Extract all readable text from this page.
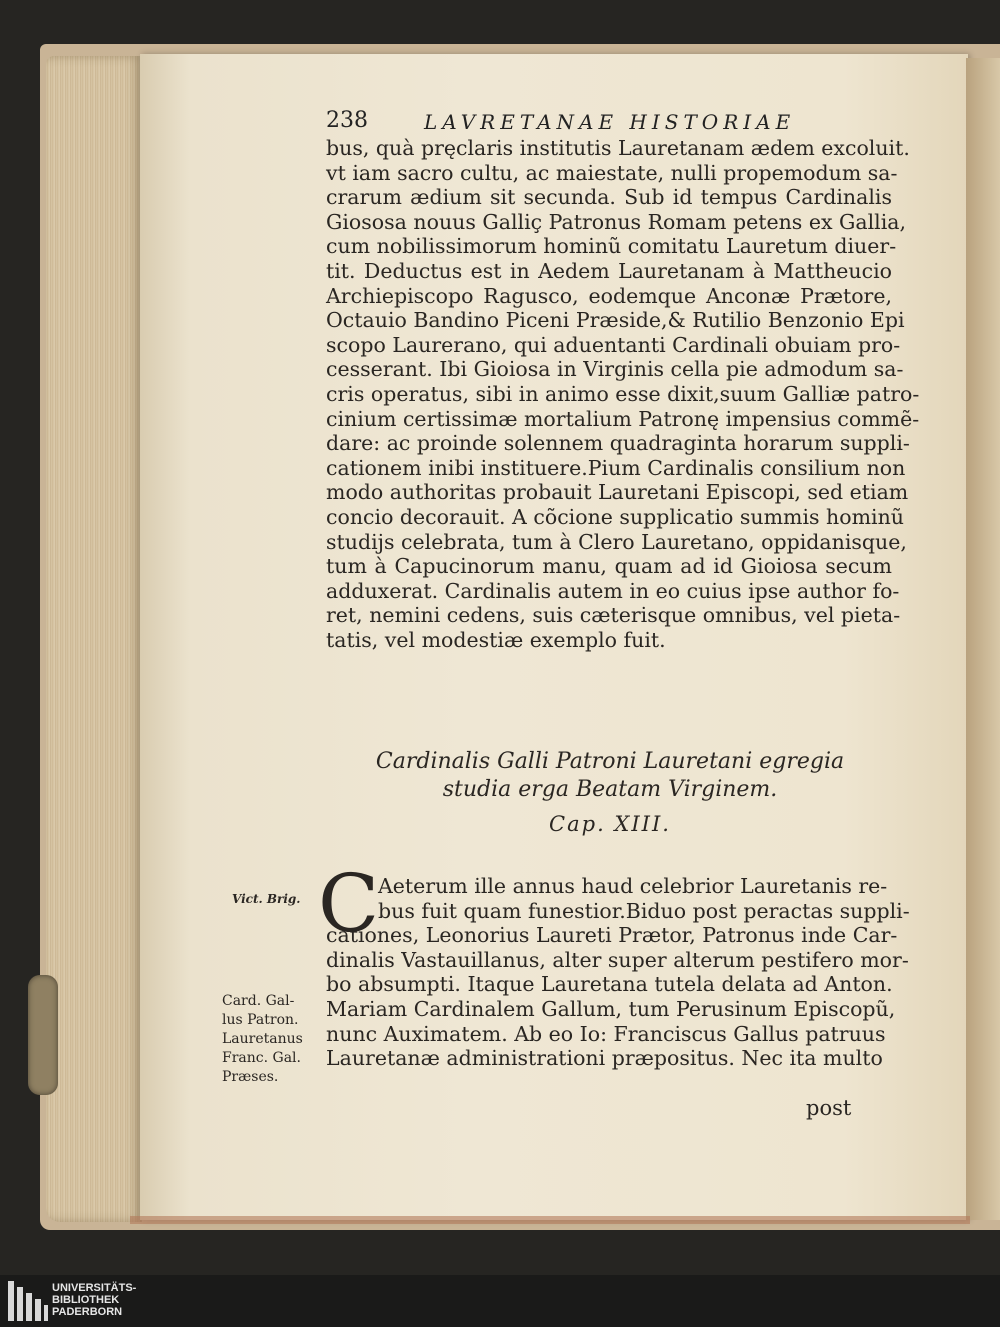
238	LAVRETANAE HISTORIAE
bus, quà pręclaris institutis Lauretanam ædem excoluit.
vt iam sacro cultu, ac maiestate, nulli propemodum sa-
crarum ædium sit secunda. Sub id tempus Cardinalis
Giososa nouus Galliç Patronus Romam petens ex Gallia,
cum nobilissimorum hominũ comitatu Lauretum diuer-
tit. Deductus est in Aedem Lauretanam à Mattheucio
Archiepiscopo Ragusco, eodemque Anconæ Prætore,
Octauio Bandino Piceni Præside,& Rutilio Benzonio Epi
scopo Laurerano, qui aduentanti Cardinali obuiam pro-
cesserant. Ibi Gioiosa in Virginis cella pie admodum sa-
cris operatus, sibi in animo esse dixit,suum Galliæ patro-
cinium certissimæ mortalium Patronę impensius commẽ-
dare: ac proinde solennem quadraginta horarum suppli-
cationem inibi instituere.Pium Cardinalis consilium non
modo authoritas probauit Lauretani Episcopi, sed etiam
concio decorauit. A cõcione supplicatio summis hominũ
studijs celebrata, tum à Clero Lauretano, oppidanisque,
tum à Capucinorum manu, quam ad id Gioiosa secum
adduxerat. Cardinalis autem in eo cuius ipse author fo-
ret, nemini cedens, suis cæterisque omnibus, vel pieta-
tatis, vel modestiæ exemplo fuit.
Cardinalis Galli Patroni Lauretani egregia
studia erga Beatam Virginem.
Cap. XIII.
Vict. Brig.
Card. Gal-
lus Patron.
Lauretanus
Franc. Gal.
Præses.
C
Aeterum ille annus haud celebrior Lauretanis re-
bus fuit quam funestior.Biduo post peractas suppli-
cationes, Leonorius Laureti Prætor, Patronus inde Car-
dinalis Vastauillanus, alter super alterum pestifero mor-
bo absumpti. Itaque Lauretana tutela delata ad Anton.
Mariam Cardinalem Gallum, tum Perusinum Episcopũ,
nunc Auximatem. Ab eo Io: Franciscus Gallus patruus
Lauretanæ administrationi præpositus. Nec ita multo
post
UNIVERSITÄTS-
BIBLIOTHEK
PADERBORN
